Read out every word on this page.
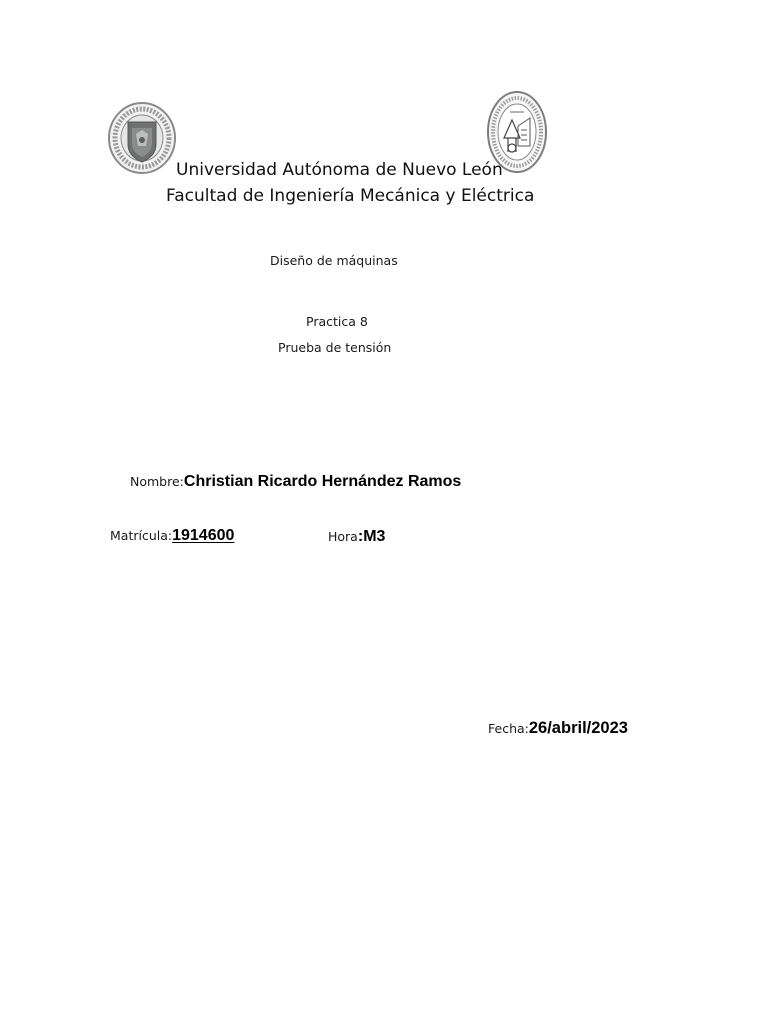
Universidad Autónoma de Nuevo León
Facultad de Ingeniería Mecánica y Eléctrica
Diseño de máquinas
Practica 8
Prueba de tensión
Nombre: Christian Ricardo Hernández Ramos
Matrícula: 1914600	Hora : M3
Fecha: 26/abril/2023
